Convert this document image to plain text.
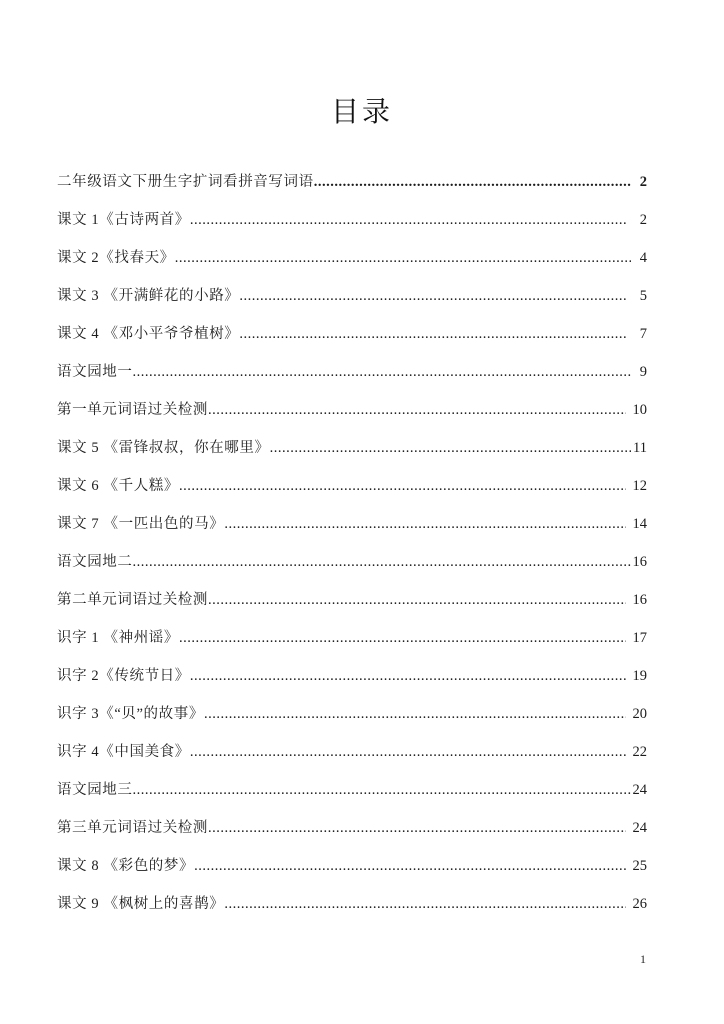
目录
二年级语文下册生字扩词看拼音写词语 .....	2
课文 1《古诗两首》 .....	2
课文 2《找春天》 .....	4
课文 3 《开满鲜花的小路》 .....	5
课文 4 《邓小平爷爷植树》 .....	7
语文园地一 .....	9
第一单元词语过关检测 .....	10
课文 5 《雷锋叔叔，你在哪里》 .....	11
课文 6 《千人糕》 .....	12
课文 7 《一匹出色的马》 .....	14
语文园地二 .....	16
第二单元词语过关检测 .....	16
识字 1 《神州谣》 .....	17
识字 2《传统节日》 .....	19
识字 3《“贝”的故事》 .....	20
识字 4《中国美食》 .....	22
语文园地三 .....	24
第三单元词语过关检测 .....	24
课文 8 《彩色的梦》 .....	25
课文 9 《枫树上的喜鹊》 .....	26
1
